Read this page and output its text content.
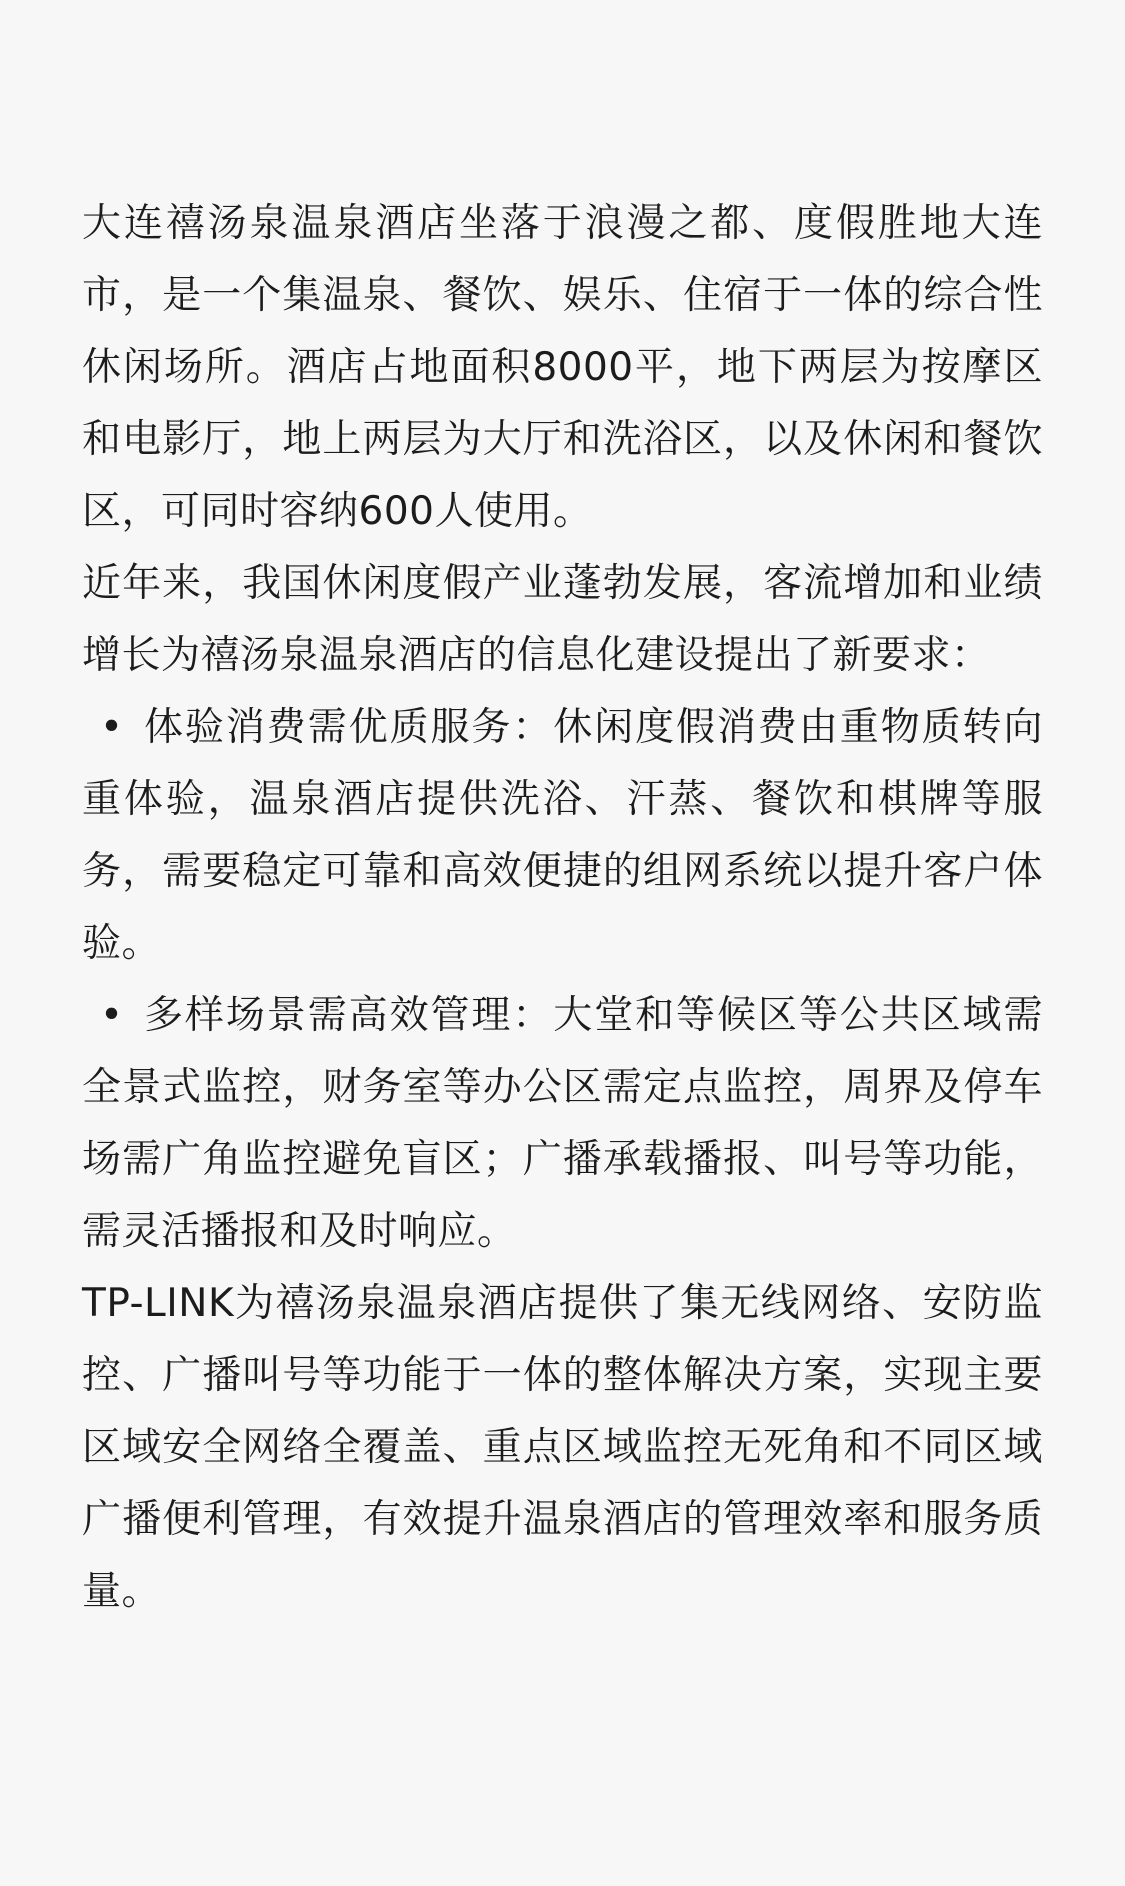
大连禧汤泉温泉酒店坐落于浪漫之都、度假胜地大连市，是一个集温泉、餐饮、娱乐、住宿于一体的综合性休闲场所。酒店占地面积8000平，地下两层为按摩区和电影厅，地上两层为大厅和洗浴区，以及休闲和餐饮区，可同时容纳600人使用。

近年来，我国休闲度假产业蓬勃发展，客流增加和业绩增长为禧汤泉温泉酒店的信息化建设提出了新要求：

• 体验消费需优质服务：休闲度假消费由重物质转向重体验，温泉酒店提供洗浴、汗蒸、餐饮和棋牌等服务，需要稳定可靠和高效便捷的组网系统以提升客户体验。
• 多样场景需高效管理：大堂和等候区等公共区域需全景式监控，财务室等办公区需定点监控，周界及停车场需广角监控避免盲区；广播承载播报、叫号等功能，需灵活播报和及时响应。

TP-LINK为禧汤泉温泉酒店提供了集无线网络、安防监控、广播叫号等功能于一体的整体解决方案，实现主要区域安全网络全覆盖、重点区域监控无死角和不同区域广播便利管理，有效提升温泉酒店的管理效率和服务质量。
